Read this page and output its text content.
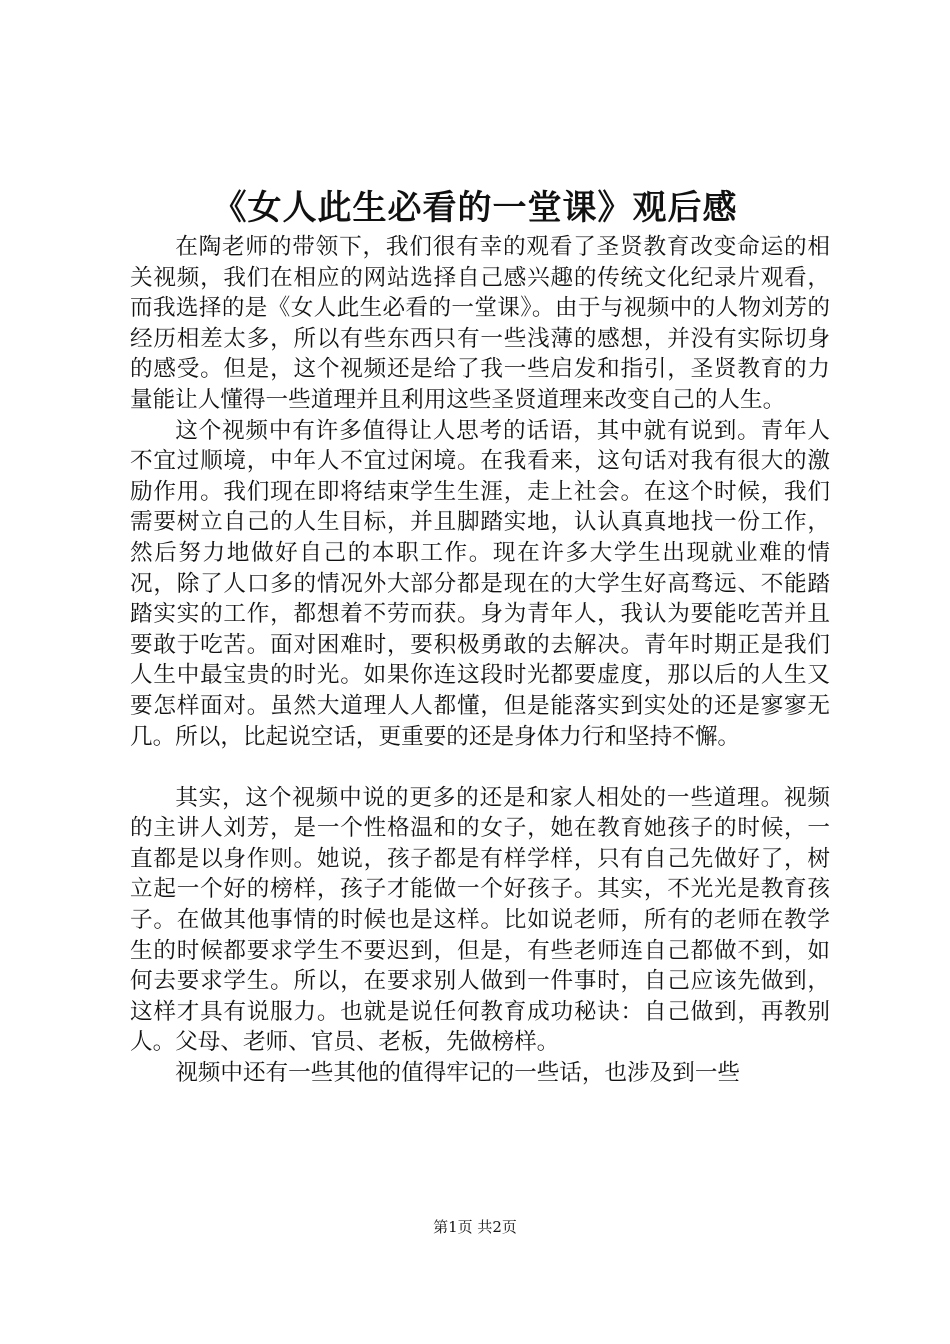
《女人此生必看的一堂课》观后感

在陶老师的带领下，我们很有幸的观看了圣贤教育改变命运的相关视频，我们在相应的网站选择自己感兴趣的传统文化纪录片观看，而我选择的是《女人此生必看的一堂课》。由于与视频中的人物刘芳的经历相差太多，所以有些东西只有一些浅薄的感想，并没有实际切身的感受。但是，这个视频还是给了我一些启发和指引，圣贤教育的力量能让人懂得一些道理并且利用这些圣贤道理来改变自己的人生。

这个视频中有许多值得让人思考的话语，其中就有说到。青年人不宜过顺境，中年人不宜过闲境。在我看来，这句话对我有很大的激励作用。我们现在即将结束学生生涯，走上社会。在这个时候，我们需要树立自己的人生目标，并且脚踏实地，认认真真地找一份工作，然后努力地做好自己的本职工作。现在许多大学生出现就业难的情况，除了人口多的情况外大部分都是现在的大学生好高骛远、不能踏踏实实的工作，都想着不劳而获。身为青年人，我认为要能吃苦并且要敢于吃苦。面对困难时，要积极勇敢的去解决。青年时期正是我们人生中最宝贵的时光。如果你连这段时光都要虚度，那以后的人生又要怎样面对。虽然大道理人人都懂，但是能落实到实处的还是寥寥无几。所以，比起说空话，更重要的还是身体力行和坚持不懈。

其实，这个视频中说的更多的还是和家人相处的一些道理。视频的主讲人刘芳，是一个性格温和的女子，她在教育她孩子的时候，一直都是以身作则。她说，孩子都是有样学样，只有自己先做好了，树立起一个好的榜样，孩子才能做一个好孩子。其实，不光光是教育孩子。在做其他事情的时候也是这样。比如说老师，所有的老师在教学生的时候都要求学生不要迟到，但是，有些老师连自己都做不到，如何去要求学生。所以，在要求别人做到一件事时，自己应该先做到，这样才具有说服力。也就是说任何教育成功秘诀：自己做到，再教别人。父母、老师、官员、老板，先做榜样。

视频中还有一些其他的值得牢记的一些话，也涉及到一些

第1页 共2页
